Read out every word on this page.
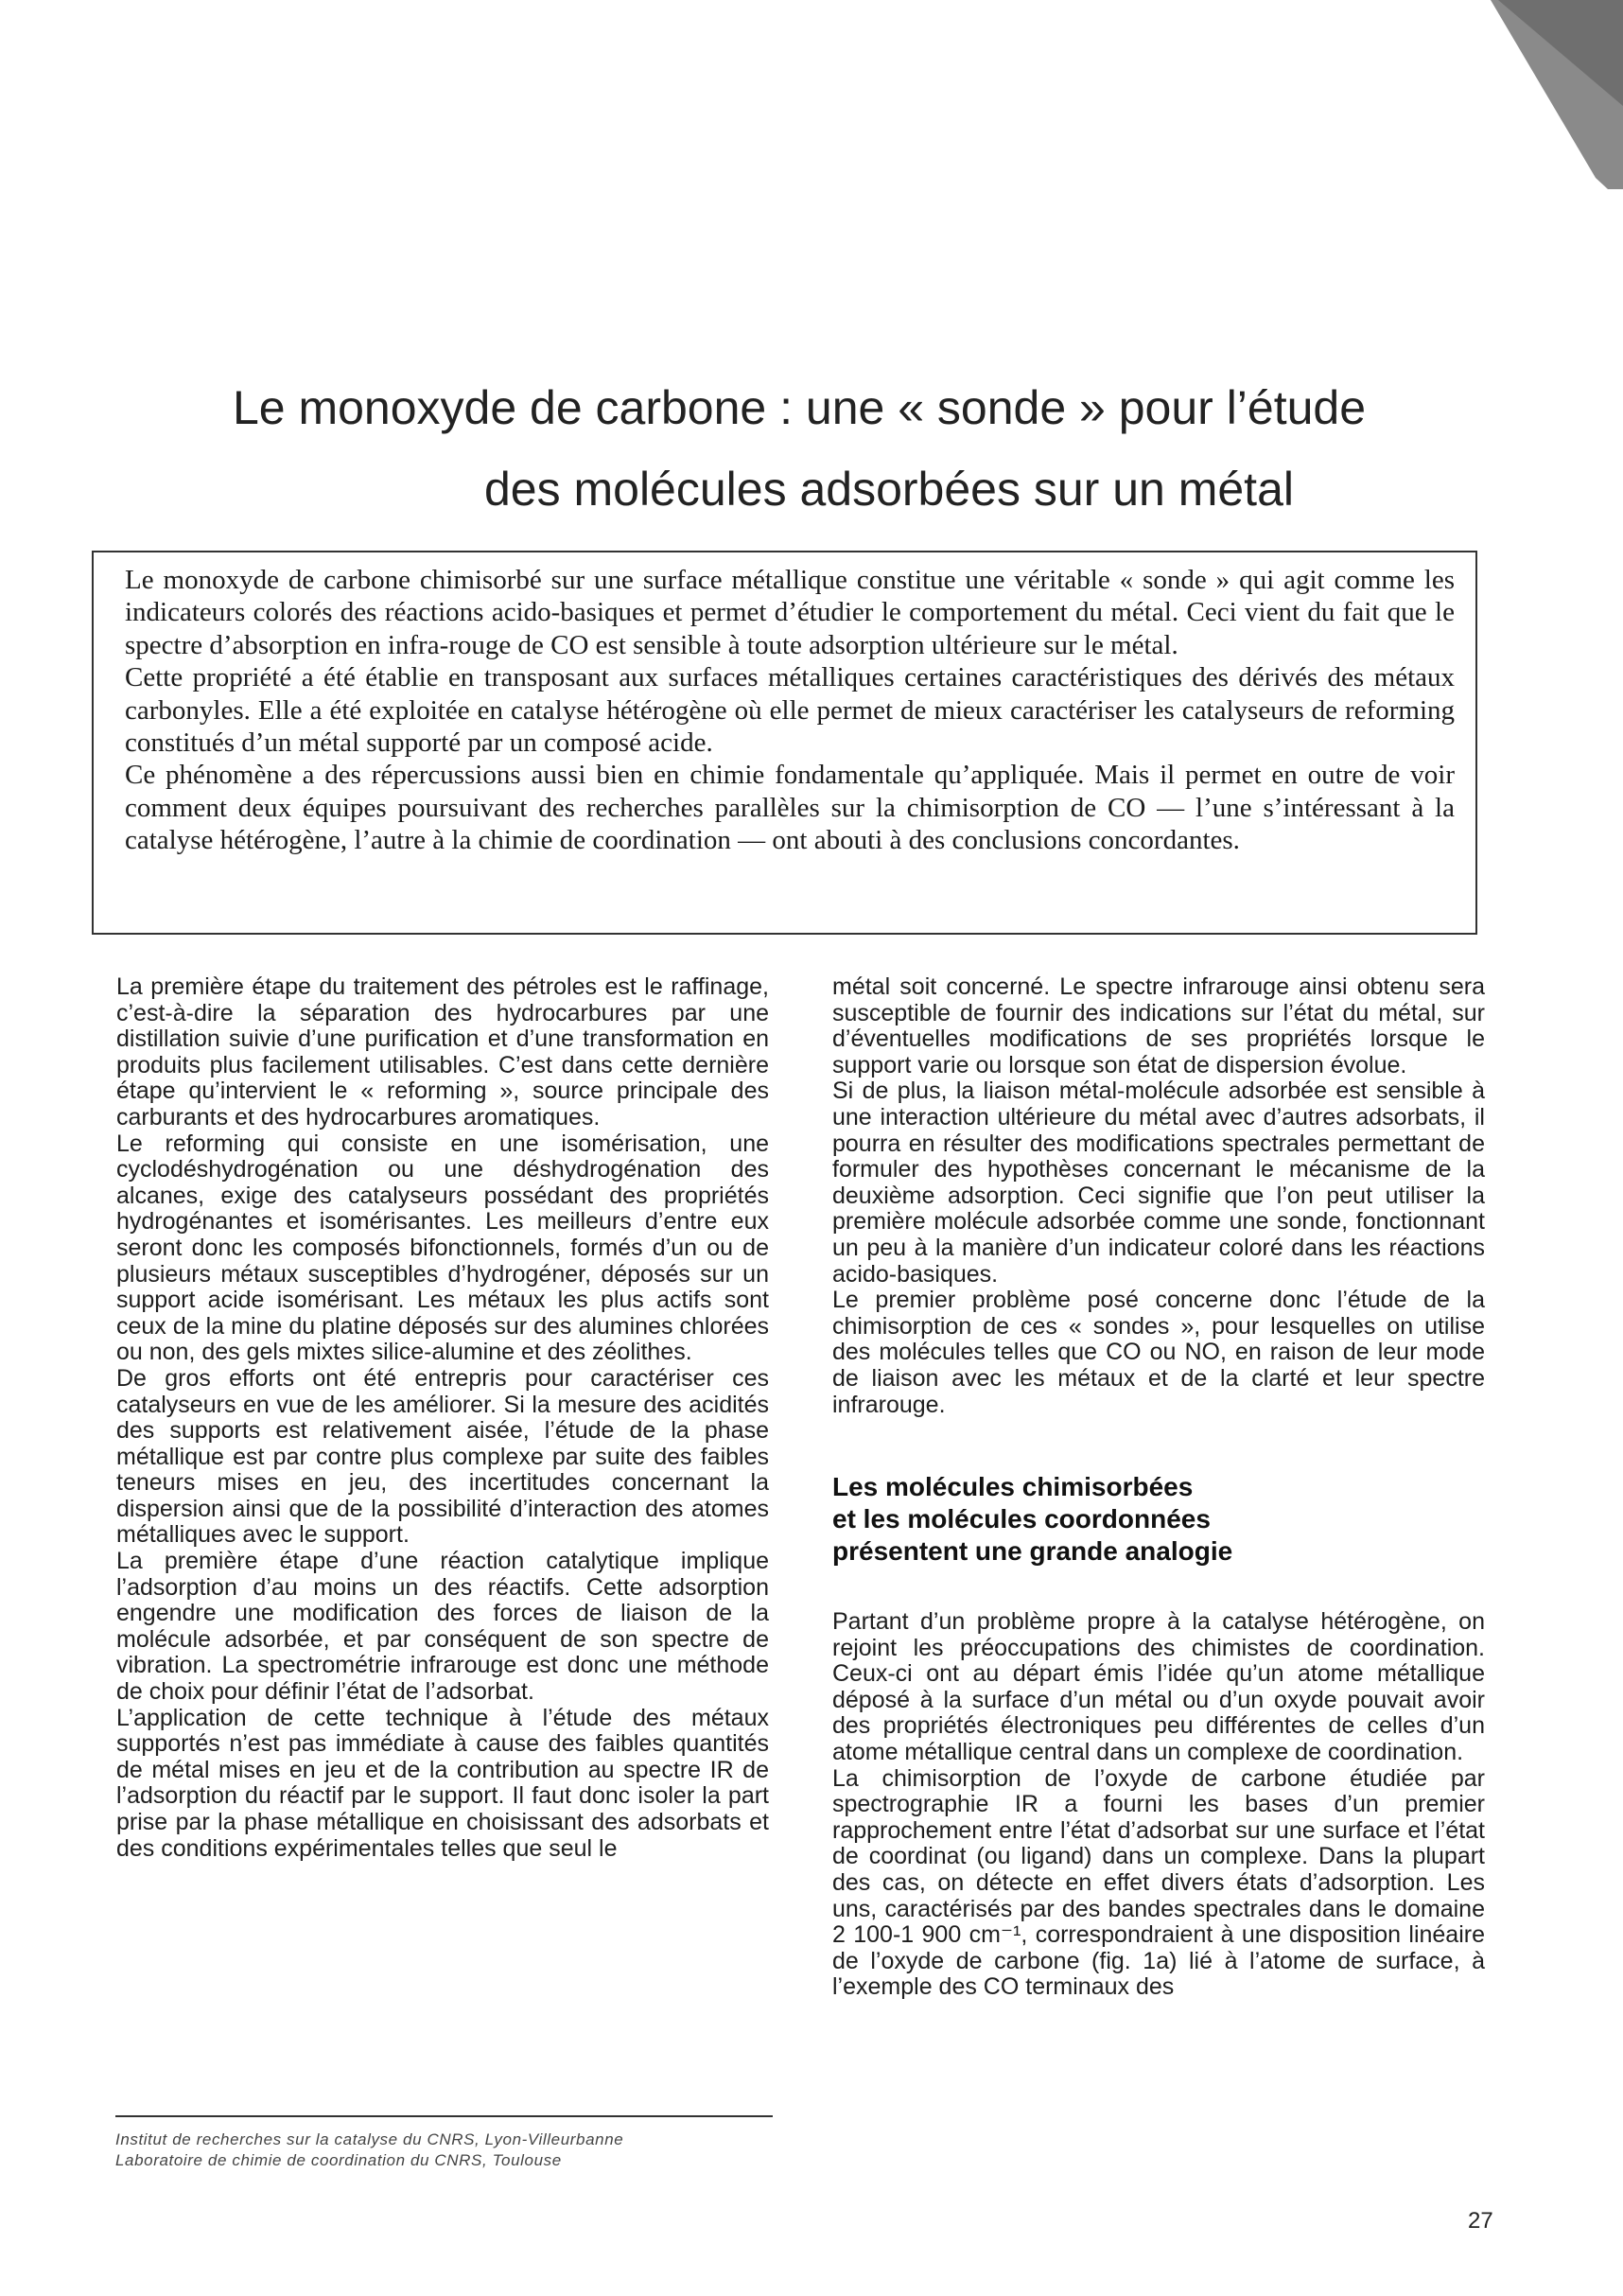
Le monoxyde de carbone : une « sonde » pour l’étude
des molécules adsorbées sur un métal

Le monoxyde de carbone chimisorbé sur une surface métallique constitue une véritable « sonde » qui agit comme les indicateurs colorés des réactions acido-basiques et permet d’étudier le comportement du métal. Ceci vient du fait que le spectre d’absorption en infra-rouge de CO est sensible à toute adsorption ultérieure sur le métal.

Cette propriété a été établie en transposant aux surfaces métalliques certaines caractéristiques des dérivés des métaux carbonyles. Elle a été exploitée en catalyse hétérogène où elle permet de mieux caractériser les catalyseurs de reforming constitués d’un métal supporté par un composé acide.

Ce phénomène a des répercussions aussi bien en chimie fondamentale qu’appliquée. Mais il permet en outre de voir comment deux équipes poursuivant des recherches parallèles sur la chimisorption de CO — l’une s’intéressant à la catalyse hétérogène, l’autre à la chimie de coordination — ont abouti à des conclusions concordantes.

La première étape du traitement des pétroles est le raffinage, c’est-à-dire la séparation des hydrocarbures par une distillation suivie d’une purification et d’une transformation en produits plus facilement utilisables. C’est dans cette dernière étape qu’intervient le « reforming », source principale des carburants et des hydrocarbures aromatiques.

Le reforming qui consiste en une isomérisation, une cyclodéshydrogénation ou une déshydrogénation des alcanes, exige des catalyseurs possédant des propriétés hydrogénantes et isomérisantes. Les meilleurs d’entre eux seront donc les composés bifonctionnels, formés d’un ou de plusieurs métaux susceptibles d’hydrogéner, déposés sur un support acide isomérisant. Les métaux les plus actifs sont ceux de la mine du platine déposés sur des alumines chlorées ou non, des gels mixtes silice-alumine et des zéolithes.

De gros efforts ont été entrepris pour caractériser ces catalyseurs en vue de les améliorer. Si la mesure des acidités des supports est relativement aisée, l’étude de la phase métallique est par contre plus complexe par suite des faibles teneurs mises en jeu, des incertitudes concernant la dispersion ainsi que de la possibilité d’interaction des atomes métalliques avec le support.

La première étape d’une réaction catalytique implique l’adsorption d’au moins un des réactifs. Cette adsorption engendre une modification des forces de liaison de la molécule adsorbée, et par conséquent de son spectre de vibration. La spectrométrie infrarouge est donc une méthode de choix pour définir l’état de l’adsorbat.

L’application de cette technique à l’étude des métaux supportés n’est pas immédiate à cause des faibles quantités de métal mises en jeu et de la contribution au spectre IR de l’adsorption du réactif par le support. Il faut donc isoler la part prise par la phase métallique en choisissant des adsorbats et des conditions expérimentales telles que seul le

métal soit concerné. Le spectre infrarouge ainsi obtenu sera susceptible de fournir des indications sur l’état du métal, sur d’éventuelles modifications de ses propriétés lorsque le support varie ou lorsque son état de dispersion évolue.

Si de plus, la liaison métal-molécule adsorbée est sensible à une interaction ultérieure du métal avec d’autres adsorbats, il pourra en résulter des modifications spectrales permettant de formuler des hypothèses concernant le mécanisme de la deuxième adsorption. Ceci signifie que l’on peut utiliser la première molécule adsorbée comme une sonde, fonctionnant un peu à la manière d’un indicateur coloré dans les réactions acido-basiques.

Le premier problème posé concerne donc l’étude de la chimisorption de ces « sondes », pour lesquelles on utilise des molécules telles que CO ou NO, en raison de leur mode de liaison avec les métaux et de la clarté et leur spectre infrarouge.

Les molécules chimisorbées
et les molécules coordonnées
présentent une grande analogie

Partant d’un problème propre à la catalyse hétérogène, on rejoint les préoccupations des chimistes de coordination. Ceux-ci ont au départ émis l’idée qu’un atome métallique déposé à la surface d’un métal ou d’un oxyde pouvait avoir des propriétés électroniques peu différentes de celles d’un atome métallique central dans un complexe de coordination.

La chimisorption de l’oxyde de carbone étudiée par spectrographie IR a fourni les bases d’un premier rapprochement entre l’état d’adsorbat sur une surface et l’état de coordinat (ou ligand) dans un complexe. Dans la plupart des cas, on détecte en effet divers états d’adsorption. Les uns, caractérisés par des bandes spectrales dans le domaine 2 100-1 900 cm⁻¹, correspondraient à une disposition linéaire de l’oxyde de carbone (fig. 1a) lié à l’atome de surface, à l’exemple des CO terminaux des

Institut de recherches sur la catalyse du CNRS, Lyon-Villeurbanne
Laboratoire de chimie de coordination du CNRS, Toulouse
27
